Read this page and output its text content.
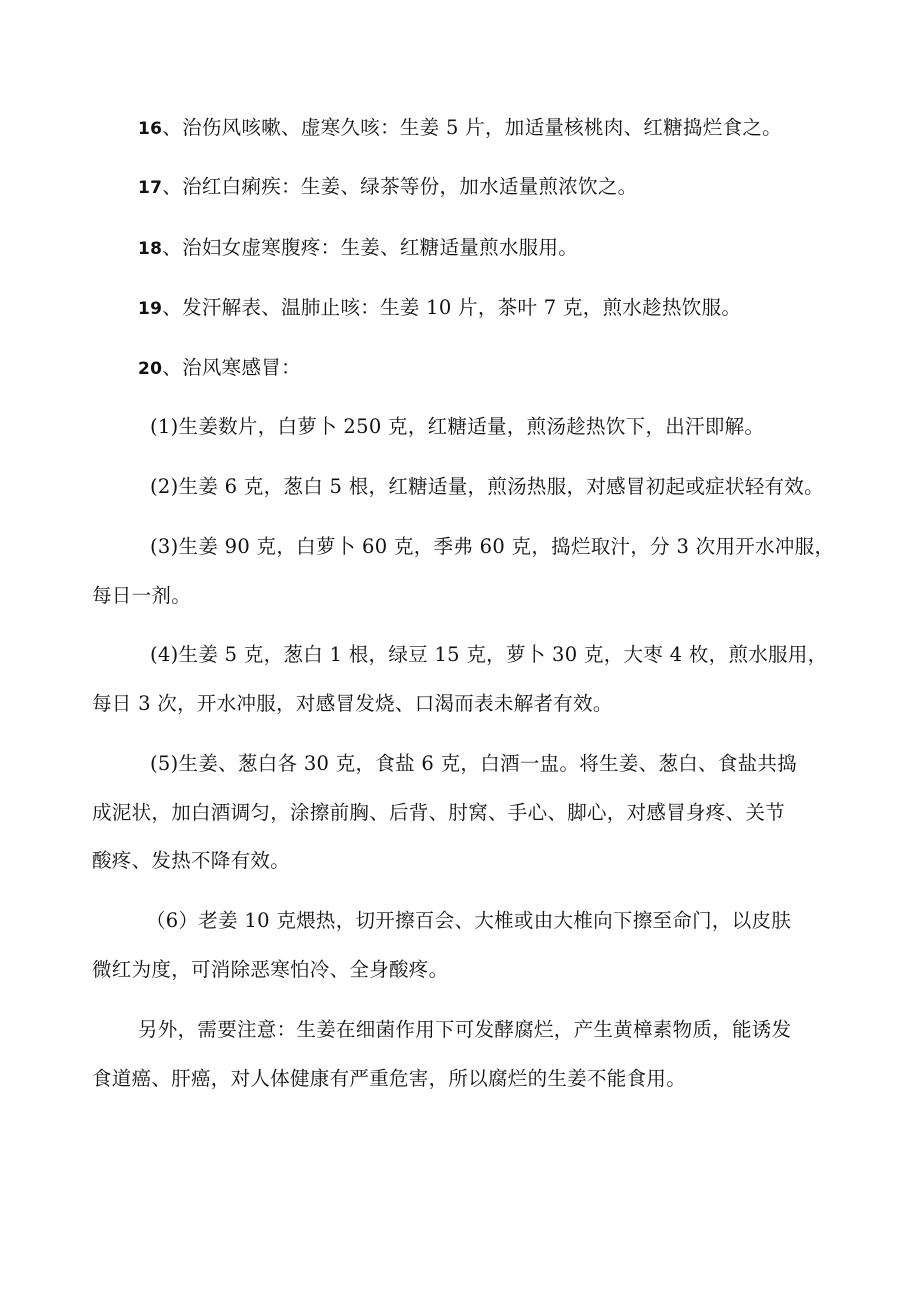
16、治伤风咳嗽、虚寒久咳：生姜 5 片，加适量核桃肉、红糖捣烂食之。
17、治红白痢疾：生姜、绿茶等份，加水适量煎浓饮之。
18、治妇女虚寒腹疼：生姜、红糖适量煎水服用。
19、发汗解表、温肺止咳：生姜 10 片，茶叶 7 克，煎水趁热饮服。
20、治风寒感冒：
(1)生姜数片，白萝卜 250 克，红糖适量，煎汤趁热饮下，出汗即解。
(2)生姜 6 克，葱白 5 根，红糖适量，煎汤热服，对感冒初起或症状轻有效。
(3)生姜 90 克，白萝卜 60 克，季弗 60 克，捣烂取汁，分 3 次用开水冲服，
每日一剂。
(4)生姜 5 克，葱白 1 根，绿豆 15 克，萝卜 30 克，大枣 4 枚，煎水服用，
每日 3 次，开水冲服，对感冒发烧、口渴而表未解者有效。
(5)生姜、葱白各 30 克，食盐 6 克，白酒一盅。将生姜、葱白、食盐共捣
成泥状，加白酒调匀，涂擦前胸、后背、肘窝、手心、脚心，对感冒身疼、关节
酸疼、发热不降有效。
（6）老姜 10 克煨热，切开擦百会、大椎或由大椎向下擦至命门，以皮肤
微红为度，可消除恶寒怕冷、全身酸疼。
另外，需要注意：生姜在细菌作用下可发酵腐烂，产生黄樟素物质，能诱发
食道癌、肝癌，对人体健康有严重危害，所以腐烂的生姜不能食用。
